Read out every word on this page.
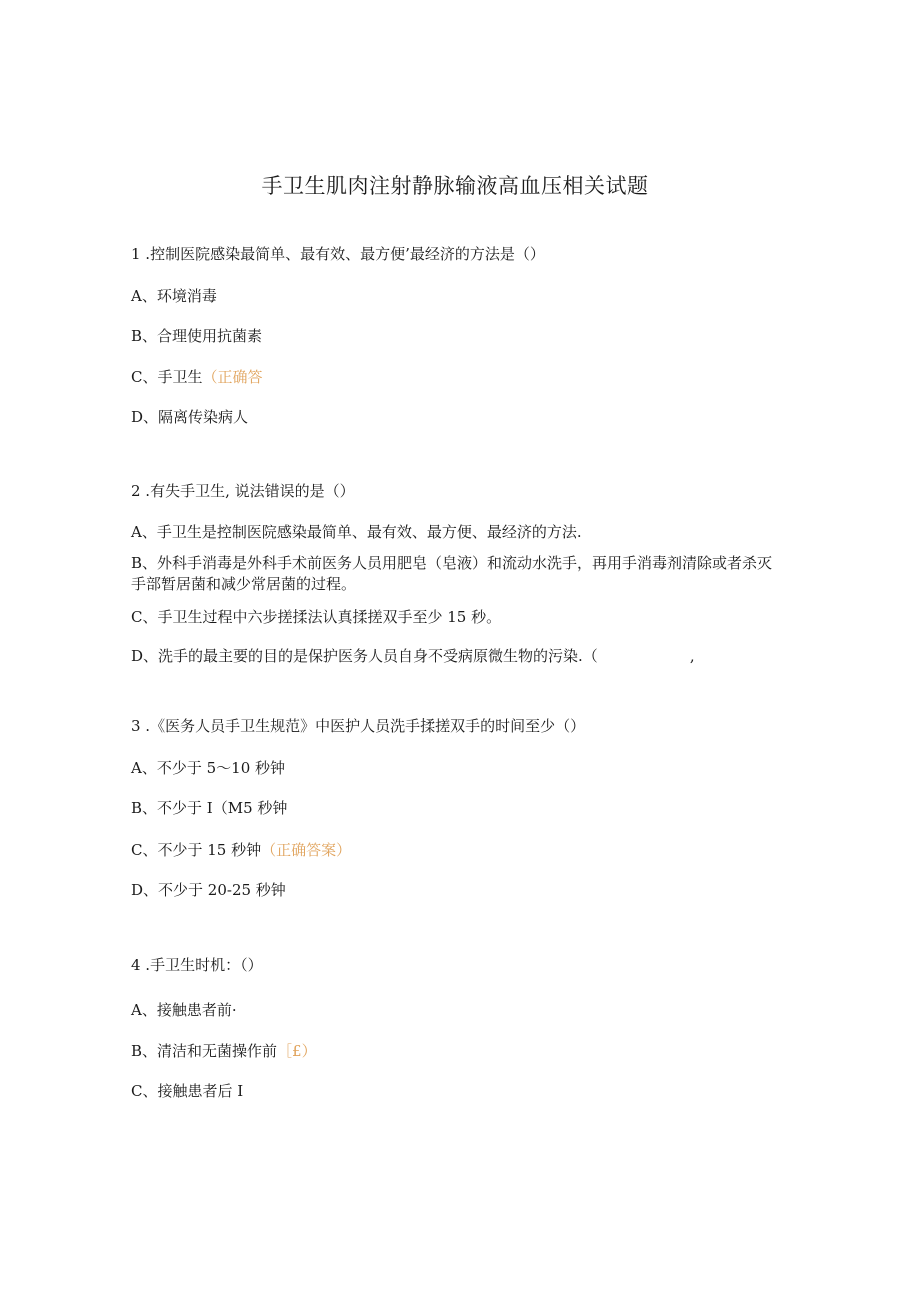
手卫生肌肉注射静脉输液高血压相关试题
1 .控制医院感染最简单、最有效、最方便’最经济的方法是（）
A、环境消毒
B、合理使用抗菌素
C、手卫生（正确答
D、隔离传染病人
2 .有失手卫生, 说法错误的是（）
A、手卫生是控制医院感染最简单、最有效、最方便、最经济的方法.
B、外科手消毒是外科手术前医务人员用肥皂（皂液）和流动水洗手，再用手消毒剂清除或者杀灭手部暂居菌和减少常居菌的过程。
C、手卫生过程中六步搓揉法认真揉搓双手至少 15 秒。
D、洗手的最主要的目的是保护医务人员自身不受病原微生物的污染.（	,
3 .《医务人员手卫生规范》中医护人员洗手揉搓双手的时间至少（）
A、不少于 5～10 秒钟
B、不少于 I（M5 秒钟
C、不少于 15 秒钟（正确答案）
D、不少于 20-25 秒钟
4 .手卫生时机：（）
A、接触患者前·
B、清洁和无菌操作前［£）
C、接触患者后 I
